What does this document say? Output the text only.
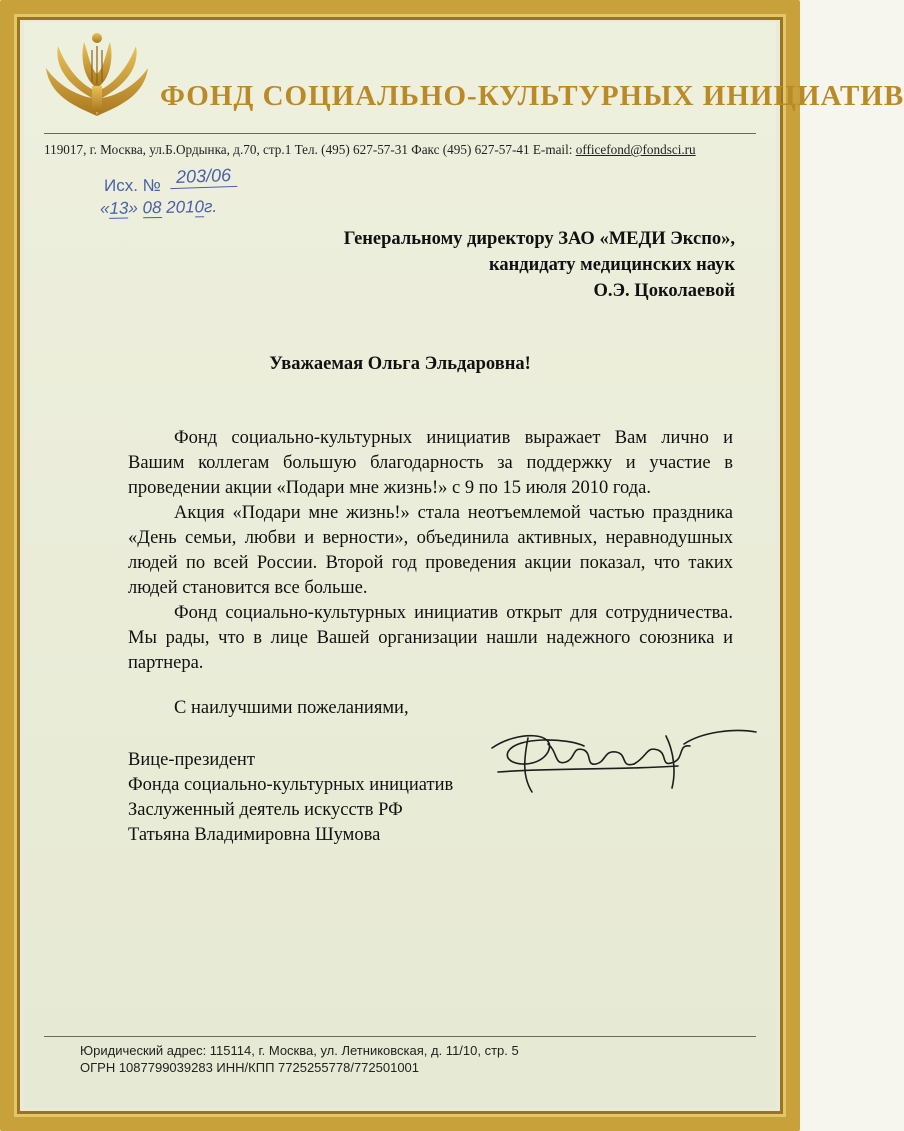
ФОНД СОЦИАЛЬНО-КУЛЬТУРНЫХ ИНИЦИАТИВ
119017, г. Москва, ул.Б.Ордынка, д.70, стр.1 Тел. (495) 627-57-31 Факс (495) 627-57-41 E-mail: officefond@fondsci.ru
Исх. № 203/06
«13» 08 2010г.
Генеральному директору ЗАО «МЕДИ Экспо»,
кандидату медицинских наук
О.Э. Цоколаевой
Уважаемая Ольга Эльдаровна!

Фонд социально-культурных инициатив выражает Вам лично и Вашим коллегам большую благодарность за поддержку и участие в проведении акции «Подари мне жизнь!» с 9 по 15 июля 2010 года.

Акция «Подари мне жизнь!» стала неотъемлемой частью праздника «День семьи, любви и верности», объединила активных, неравнодушных людей по всей России. Второй год проведения акции показал, что таких людей становится все больше.

Фонд социально-культурных инициатив открыт для сотрудничества. Мы рады, что в лице Вашей организации нашли надежного союзника и партнера.

С наилучшими пожеланиями,
Вице-президент
Фонда социально-культурных инициатив
Заслуженный деятель искусств РФ
Татьяна Владимировна Шумова
Юридический адрес: 115114, г. Москва, ул. Летниковская, д. 11/10, стр. 5
ОГРН 1087799039283 ИНН/КПП 7725255778/772501001
